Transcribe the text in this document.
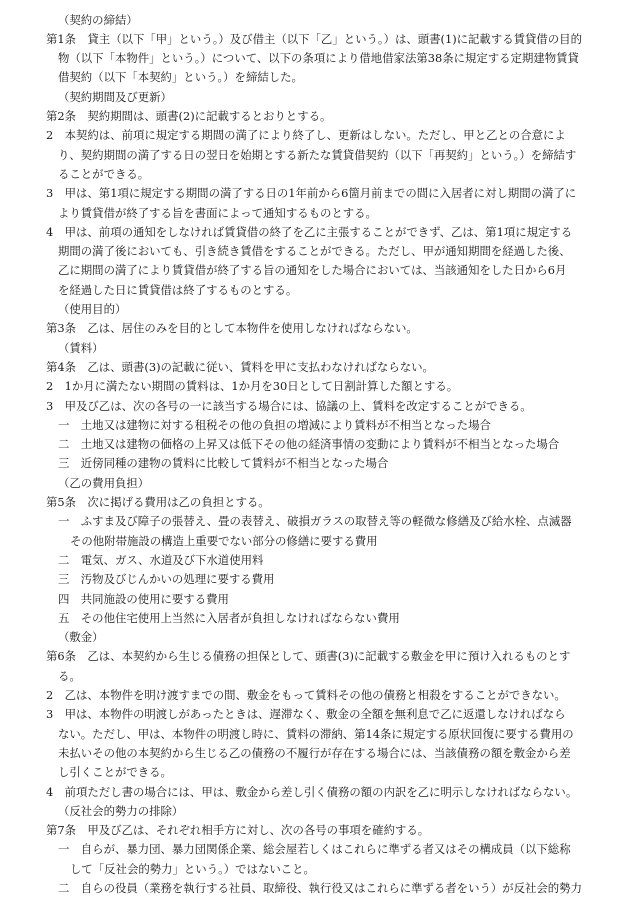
（契約の締結）
第1条　貸主（以下「甲」という。）及び借主（以下「乙」という。）は、頭書(1)に記載する賃貸借の目的
物（以下「本物件」という。）について、以下の条項により借地借家法第38条に規定する定期建物賃貸
借契約（以下「本契約」という。）を締結した。
（契約期間及び更新）
第2条　契約期間は、頭書(2)に記載するとおりとする。
2　本契約は、前項に規定する期間の満了により終了し、更新はしない。ただし、甲と乙との合意によ
り、契約期間の満了する日の翌日を始期とする新たな賃貸借契約（以下「再契約」という。）を締結す
ることができる。
3　甲は、第1項に規定する期間の満了する日の1年前から6箇月前までの間に入居者に対し期間の満了に
より賃貸借が終了する旨を書面によって通知するものとする。
4　甲は、前項の通知をしなければ賃貸借の終了を乙に主張することができず、乙は、第1項に規定する
期間の満了後においても、引き続き賃借をすることができる。ただし、甲が通知期間を経過した後、
乙に期間の満了により賃貸借が終了する旨の通知をした場合においては、当該通知をした日から6月
を経過した日に賃貸借は終了するものとする。
（使用目的）
第3条　乙は、居住のみを目的として本物件を使用しなければならない。
（賃料）
第4条　乙は、頭書(3)の記載に従い、賃料を甲に支払わなければならない。
2　1か月に満たない期間の賃料は、1か月を30日として日割計算した額とする。
3　甲及び乙は、次の各号の一に該当する場合には、協議の上、賃料を改定することができる。
一　土地又は建物に対する租税その他の負担の増減により賃料が不相当となった場合
二　土地又は建物の価格の上昇又は低下その他の経済事情の変動により賃料が不相当となった場合
三　近傍同種の建物の賃料に比較して賃料が不相当となった場合
（乙の費用負担）
第5条　次に掲げる費用は乙の負担とする。
一　ふすま及び障子の張替え、畳の表替え、破損ガラスの取替え等の軽微な修繕及び給水栓、点滅器
その他附帯施設の構造上重要でない部分の修繕に要する費用
二　電気、ガス、水道及び下水道使用料
三　汚物及びじんかいの処理に要する費用
四　共同施設の使用に要する費用
五　その他住宅使用上当然に入居者が負担しなければならない費用
（敷金）
第6条　乙は、本契約から生じる債務の担保として、頭書(3)に記載する敷金を甲に預け入れるものとす
る。
2　乙は、本物件を明け渡すまでの間、敷金をもって賃料その他の債務と相殺をすることができない。
3　甲は、本物件の明渡しがあったときは、遅滞なく、敷金の全額を無利息で乙に返還しなければなら
ない。ただし、甲は、本物件の明渡し時に、賃料の滞納、第14条に規定する原状回復に要する費用の
未払いその他の本契約から生じる乙の債務の不履行が存在する場合には、当該債務の額を敷金から差
し引くことができる。
4　前項ただし書の場合には、甲は、敷金から差し引く債務の額の内訳を乙に明示しなければならない。
（反社会的勢力の排除）
第7条　甲及び乙は、それぞれ相手方に対し、次の各号の事項を確約する。
一　自らが、暴力団、暴力団関係企業、総会屋若しくはこれらに準ずる者又はその構成員（以下総称
して「反社会的勢力」という。）ではないこと。
二　自らの役員（業務を執行する社員、取締役、執行役又はこれらに準ずる者をいう）が反社会的勢力
